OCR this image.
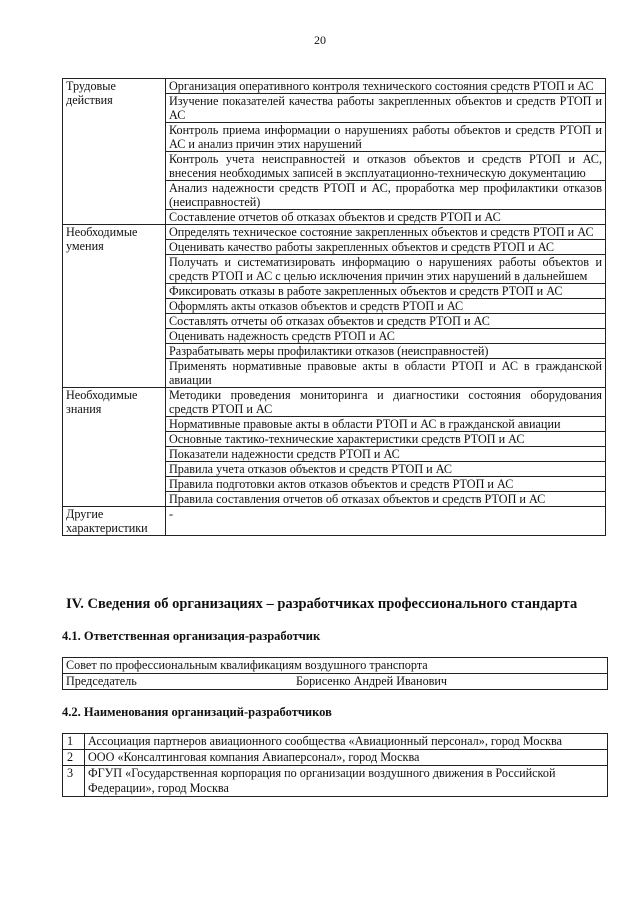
20
Трудовые действия	Организация оперативного контроля технического состояния средств РТОП и АС
	Изучение показателей качества работы закрепленных объектов и средств РТОП и АС
	Контроль приема информации о нарушениях работы объектов и средств РТОП и АС и анализ причин этих нарушений
	Контроль учета неисправностей и отказов объектов и средств РТОП и АС, внесения необходимых записей в эксплуатационно-техническую документацию
	Анализ надежности средств РТОП и АС, проработка мер профилактики отказов (неисправностей)
	Составление отчетов об отказах объектов и средств РТОП и АС
Необходимые умения	Определять техническое состояние закрепленных объектов и средств РТОП и АС
	Оценивать качество работы закрепленных объектов и средств РТОП и АС
	Получать и систематизировать информацию о нарушениях работы объектов и средств РТОП и АС с целью исключения причин этих нарушений в дальнейшем
	Фиксировать отказы в работе закрепленных объектов и средств РТОП и АС
	Оформлять акты отказов объектов и средств РТОП и АС
	Составлять отчеты об отказах объектов и средств РТОП и АС
	Оценивать надежность средств РТОП и АС
	Разрабатывать меры профилактики отказов (неисправностей)
	Применять нормативные правовые акты в области РТОП и АС в гражданской авиации
Необходимые знания	Методики проведения мониторинга и диагностики состояния оборудования средств РТОП и АС
	Нормативные правовые акты в области РТОП и АС в гражданской авиации
	Основные тактико-технические характеристики средств РТОП и АС
	Показатели надежности средств РТОП и АС
	Правила учета отказов объектов и средств РТОП и АС
	Правила подготовки актов отказов объектов и средств РТОП и АС
	Правила составления отчетов об отказах объектов и средств РТОП и АС
Другие характеристики	-
IV. Сведения об организациях – разработчиках профессионального стандарта
4.1. Ответственная организация-разработчик
Совет по профессиональным квалификациям воздушного транспорта

Председатель	Борисенко Андрей Иванович
4.2. Наименования организаций-разработчиков
1	Ассоциация партнеров авиационного сообщества «Авиационный персонал», город Москва
2	ООО «Консалтинговая компания Авиаперсонал», город Москва
3	ФГУП «Государственная корпорация по организации воздушного движения в Российской Федерации», город Москва
